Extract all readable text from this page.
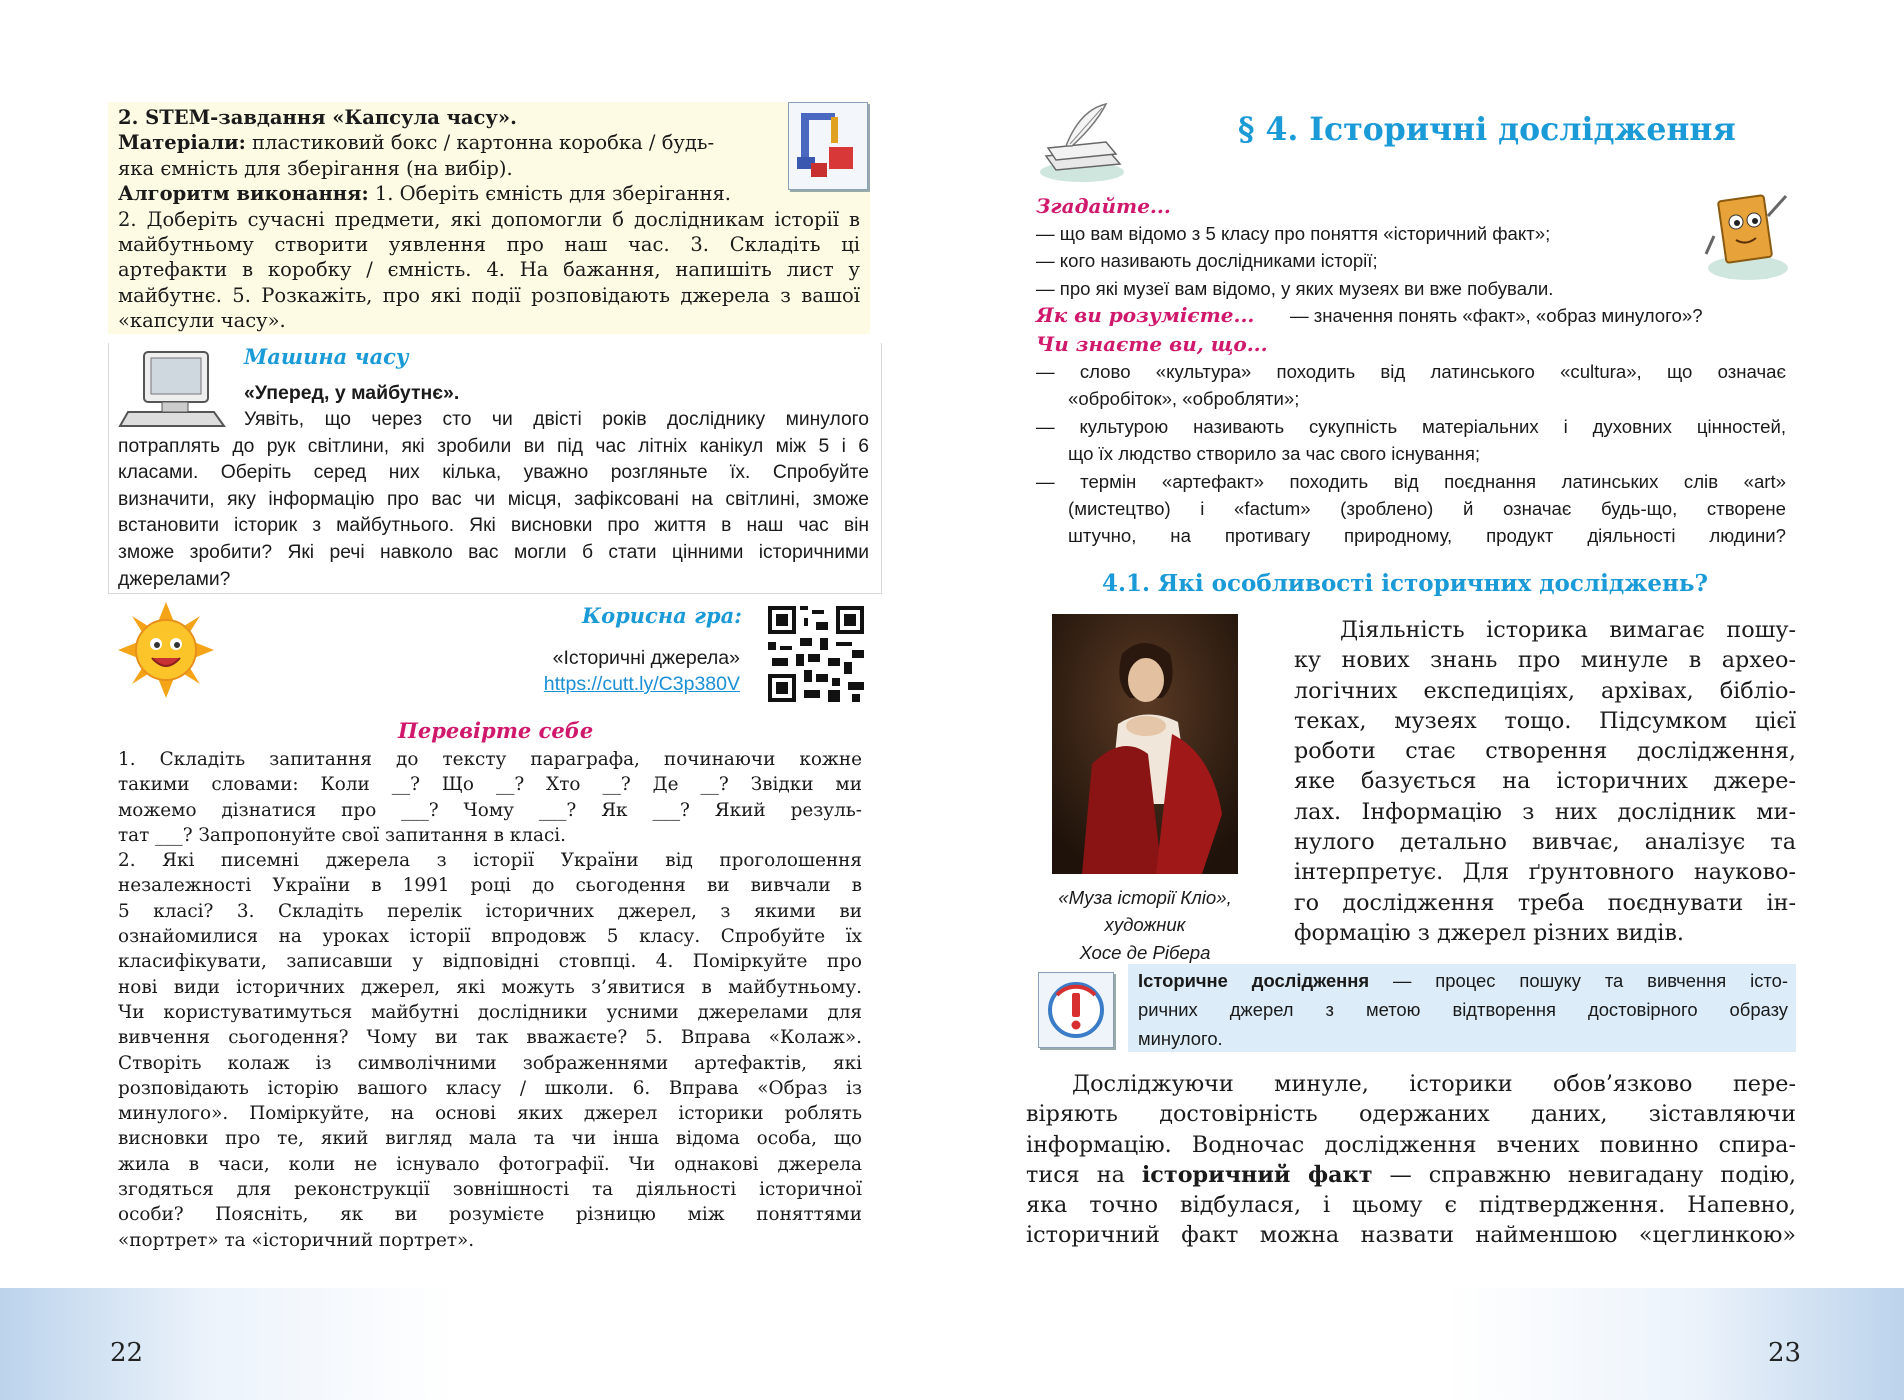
2. STEM-завдання «Капсула часу».
Матеріали: пластиковий бокс / картонна коробка / будь-
яка ємність для зберігання (на вибір).
Алгоритм виконання: 1. Оберіть ємність для зберігання.
2. Доберіть сучасні предмети, які допомогли б дослідникам історії в
майбутньому створити уявлення про наш час. 3. Складіть ці
артефакти в коробку / ємність. 4. На бажання, напишіть лист у
майбутнє. 5. Розкажіть, про які події розповідають джерела з вашої
«капсули часу».
Машина часу
«Уперед, у майбутнє».
Уявіть, що через сто чи двісті років дослiднику минулого
потраплять до рук світлини, які зробили ви під час літніх канікул між 5 і 6
класами. Оберіть серед них кілька, уважно розгляньте їх. Спробуйте
визначити, яку інформацію про вас чи місця, зафіксовані на світлині, зможе
встановити історик з майбутнього. Які висновки про життя в наш час він
зможе зробити? Які речі навколо вас могли б стати цінними історичними
джерелами?
Корисна гра:
«Історичні джерела»
https://cutt.ly/C3p380V
Перевірте себе

1. Складіть запитання до тексту параграфа, починаючи кожне

такими словами: Коли __? Що __? Хто __? Де __? Звідки ми

можемо дізнатися про ___? Чому ___? Як ___? Який резуль-

тат ___? Запропонуйте свої запитання в класі.

2. Які писемні джерела з історії України від проголошення

незалежності України в 1991 році до сьогодення ви вивчали в

5 класі? 3. Складіть перелік історичних джерел, з якими ви

ознайомилися на уроках історії впродовж 5 класу. Спробуйте їх

класифікувати, записавши у відповідні стовпці. 4. Поміркуйте про

нові види історичних джерел, які можуть з’явитися в майбутньому.

Чи користуватимуться майбутні дослідники усними джерелами для

вивчення сьогодення? Чому ви так вважаєте? 5. Вправа «Колаж».

Створіть колаж із символічними зображеннями артефактів, які

розповідають історію вашого класу / школи. 6. Вправа «Образ із

минулого». Поміркуйте, на основі яких джерел історики роблять

висновки про те, який вигляд мала та чи інша відома особа, що

жила в часи, коли не існувало фотографії. Чи однакові джерела

згодяться для реконструкції зовнішності та діяльності історичної

особи? Поясніть, як ви розумієте різницю між поняттями

«портрет» та «історичний портрет».

22
§ 4. Історичні дослідження
Згадайте...
— що вам відомо з 5 класу про поняття «історичний факт»;
— кого називають дослідниками історії;
— про які музеї вам відомо, у яких музеях ви вже побували.
Як ви розумієте... — значення понять «факт», «образ минулого»?
Чи знаєте ви, що...
— слово «культура» походить від латинського «cultura», що означає
«обробіток», «обробляти»;
— культурою називають сукупність матеріальних і духовних цінностей,
що їх людство створило за час свого існування;
— термін «артефакт» походить від поєднання латинських слів «art»
(мистецтво) і «factum» (зроблено) й означає будь-що, створене
штучно, на противагу природному, продукт діяльності людини?
4.1. Які особливості історичних досліджень?
«Муза історії Кліо»,
художник
Хосе де Рібера
Діяльність історика вимагає пошу-
ку нових знань про минуле в архео-
логічних експедиціях, архівах, бібліо-
теках, музеях тощо. Підсумком цієї
роботи стає створення дослідження,
яке базується на історичних джере-
лах. Інформацію з них дослідник ми-
нулого детально вивчає, аналізує та
інтерпретує. Для ґрунтовного науково-
го дослідження треба поєднувати ін-
формацію з джерел різних видів.
Історичне дослідження — процес пошуку та вивчення істо-
ричних джерел з метою відтворення достовірного образу
минулого.
Досліджуючи минуле, історики обов’язково пере-
віряють достовірність одержаних даних, зіставляючи
інформацію. Водночас дослідження вчених повинно спира-
тися на історичний факт — справжню невигадану подію,
яка точно відбулася, і цьому є підтвердження. Напевно,
історичний факт можна назвати найменшою «цеглинкою»
23
